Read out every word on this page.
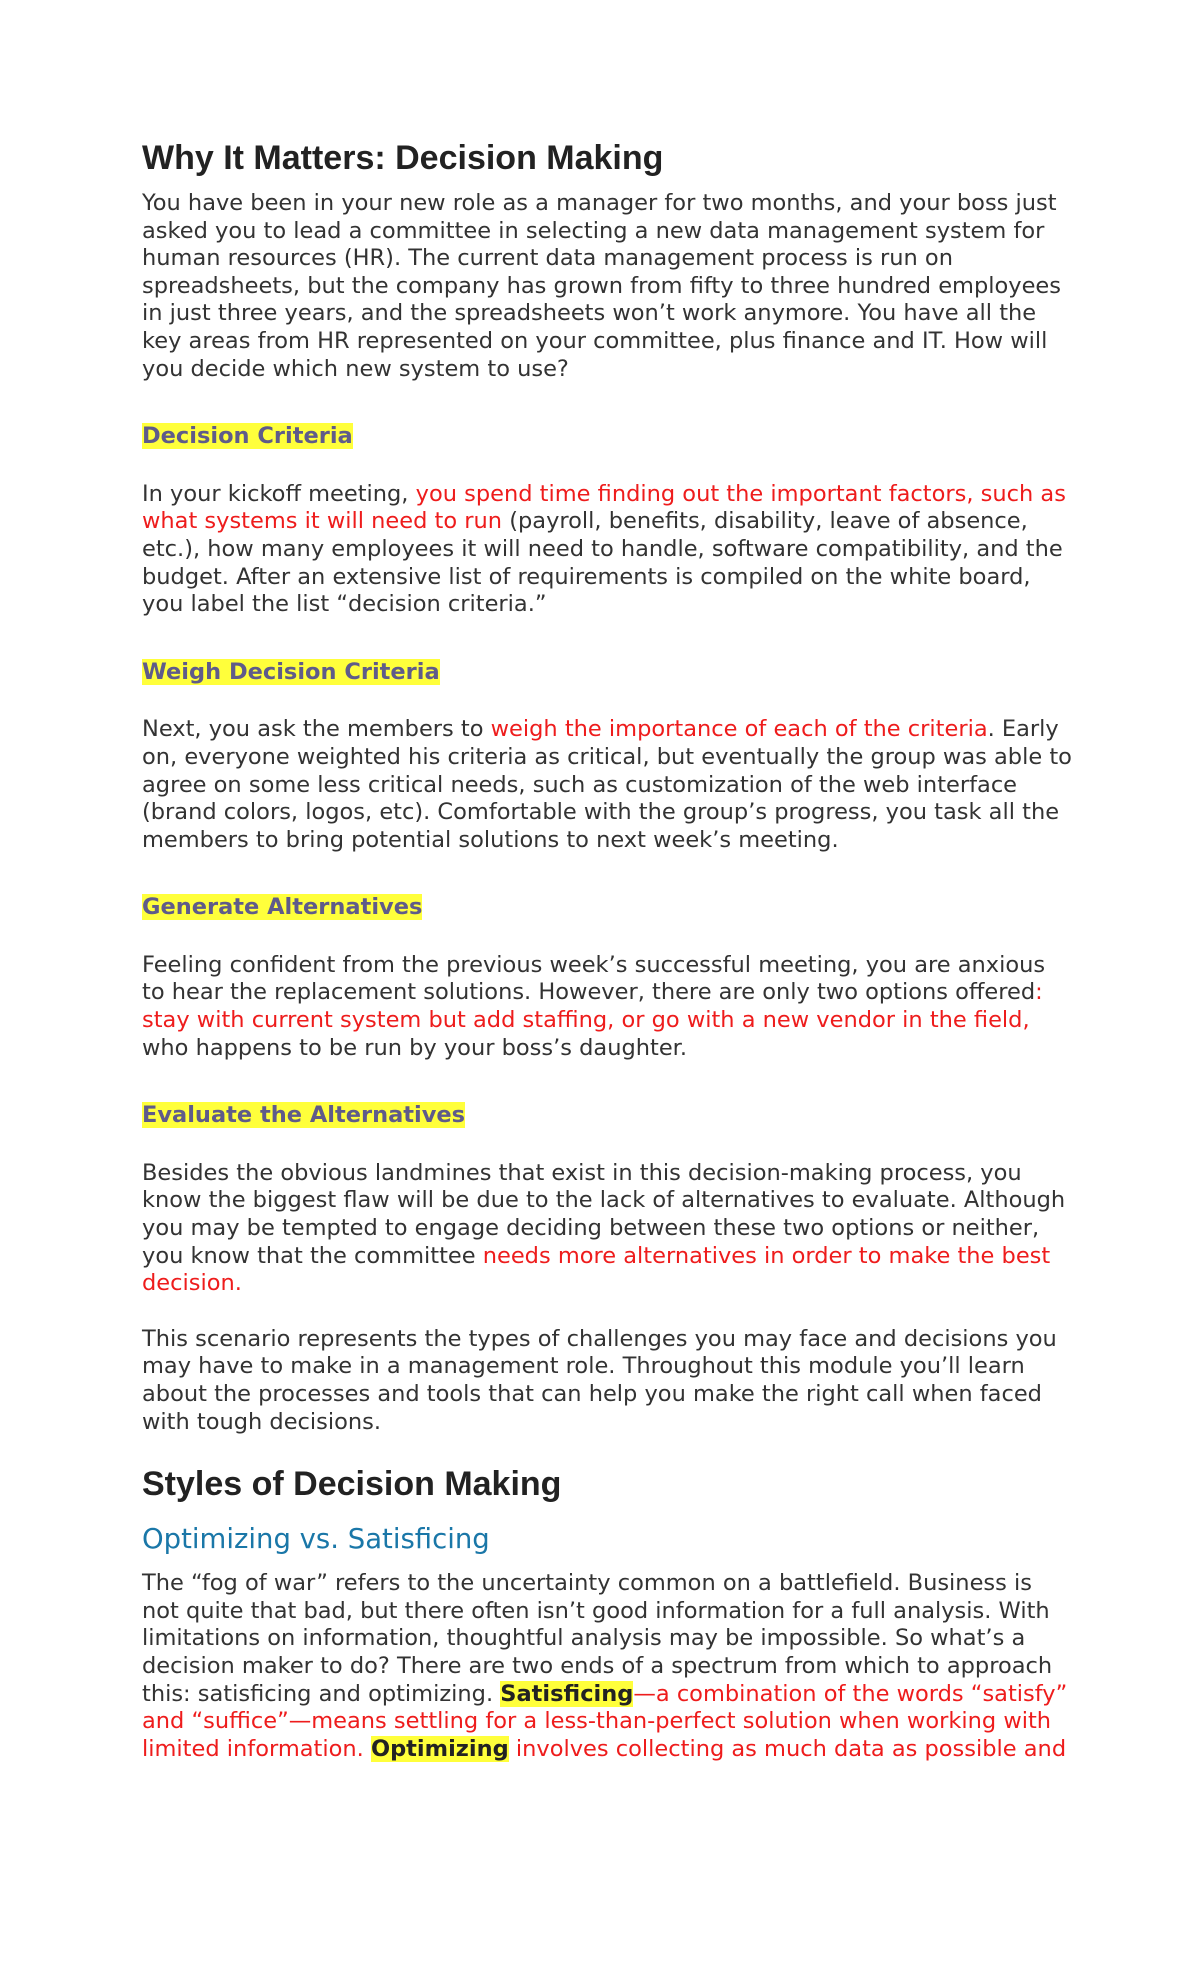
Why It Matters: Decision Making

You have been in your new role as a manager for two months, and your boss just asked you to lead a committee in selecting a new data management system for human resources (HR). The current data management process is run on spreadsheets, but the company has grown from fifty to three hundred employees in just three years, and the spreadsheets won’t work anymore. You have all the key areas from HR represented on your committee, plus finance and IT. How will you decide which new system to use?

Decision Criteria

In your kickoff meeting, you spend time finding out the important factors, such as what systems it will need to run (payroll, benefits, disability, leave of absence, etc.), how many employees it will need to handle, software compatibility, and the budget. After an extensive list of requirements is compiled on the white board, you label the list “decision criteria.”

Weigh Decision Criteria

Next, you ask the members to weigh the importance of each of the criteria. Early on, everyone weighted his criteria as critical, but eventually the group was able to agree on some less critical needs, such as customization of the web interface (brand colors, logos, etc). Comfortable with the group’s progress, you task all the members to bring potential solutions to next week’s meeting.

Generate Alternatives

Feeling confident from the previous week’s successful meeting, you are anxious to hear the replacement solutions. However, there are only two options offered: stay with current system but add staffing, or go with a new vendor in the field, who happens to be run by your boss’s daughter.

Evaluate the Alternatives

Besides the obvious landmines that exist in this decision-making process, you know the biggest flaw will be due to the lack of alternatives to evaluate. Although you may be tempted to engage deciding between these two options or neither, you know that the committee needs more alternatives in order to make the best decision.

This scenario represents the types of challenges you may face and decisions you may have to make in a management role. Throughout this module you’ll learn about the processes and tools that can help you make the right call when faced with tough decisions.

Styles of Decision Making
Optimizing vs. Satisficing

The “fog of war” refers to the uncertainty common on a battlefield. Business is not quite that bad, but there often isn’t good information for a full analysis. With limitations on information, thoughtful analysis may be impossible. So what’s a decision maker to do? There are two ends of a spectrum from which to approach this: satisficing and optimizing. Satisficing—a combination of the words “satisfy” and “suffice”—means settling for a less-than-perfect solution when working with limited information. Optimizing involves collecting as much data as possible and
